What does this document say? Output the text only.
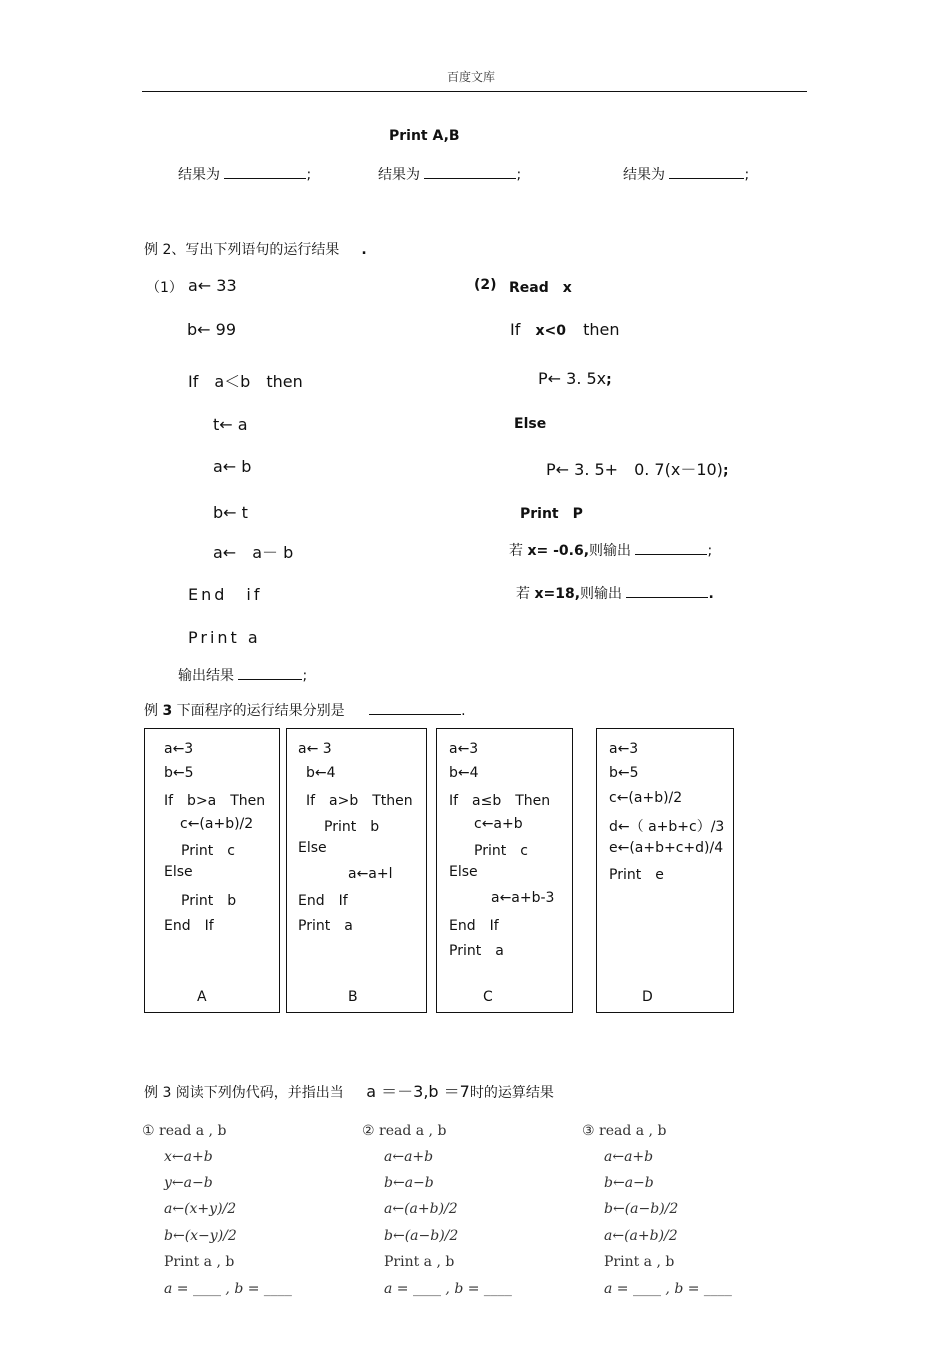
百度文库
Print A,B
结果为	;	结果为	;	结果为	;
例 2、写出下列语句的运行结果 .
（1） a← 33
b← 99
If　a＜b　then
t← a
a← b
b← t
a←　a－ b
End　if
Print a
输出结果	;
(2) Read　x
If x<0 then
P← 3. 5x;
Else
P← 3. 5+　0. 7(x－10);
Print　P
若 x= -0.6,则输出	;
若 x=18,则输出	.
例 3 下面程序的运行结果分别是	.
a←3
b←5
If　b>a　Then
c←(a+b)/2
Print　c
Else
Print　b
End　If
A
a← 3
b←4
If　a>b　Tthen
Print　b
Else
a←a+l
End　If
Print　a
B
a←3
b←4
If　a≤b　Then
c←a+b
Print　c
Else
a←a+b-3
End　If
Print　a
C
a←3
b←5
c←(a+b)/2
d←（ a+b+c）/3
e←(a+b+c+d)/4
Print　e
D
例 3 阅读下列伪代码，并指出当 a ＝－3,b ＝7时的运算结果
① read a , b
x←a+b
y←a−b
a←(x+y)/2
b←(x−y)/2
Print a , b
a = ____ , b = ____
② read a , b
a←a+b
b←a−b
a←(a+b)/2
b←(a−b)/2
Print a , b
a = ____ , b = ____
③ read a , b
a←a+b
b←a−b
b←(a−b)/2
a←(a+b)/2
Print a , b
a = ____ , b = ____
